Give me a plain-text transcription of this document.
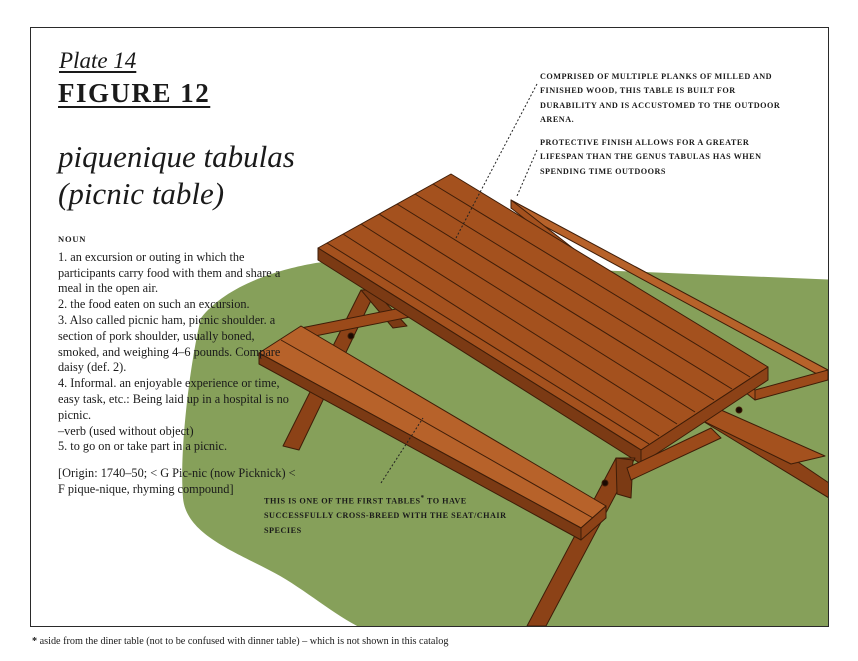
Plate 14
FIGURE 12
piquenique tabulas
(picnic table)
NOUN

1. an excursion or outing in which the participants carry food with them and share a meal in the open air.

2. the food eaten on such an excursion.

3. Also called picnic ham, picnic shoulder. a section of pork shoulder, usually boned, smoked, and weighing 4–6 pounds. Compare daisy (def. 2).

4. Informal. an enjoyable experience or time, easy task, etc.: Being laid up in a hospital is no picnic.

–verb (used without object)

5. to go on or take part in a picnic.

[Origin: 1740–50; < G Pic-nic (now Picknick) < F pique-nique, rhyming compound]

COMPRISED OF MULTIPLE PLANKS OF MILLED AND FINISHED WOOD, THIS TABLE IS BUILT FOR DURABILITY AND IS ACCUSTOMED TO THE OUTDOOR ARENA.

PROTECTIVE FINISH ALLOWS FOR A GREATER LIFESPAN THAN THE GENUS TABULAS HAS WHEN SPENDING TIME OUTDOORS

THIS IS ONE OF THE FIRST TABLES* TO HAVE SUCCESSFULLY CROSS-BREED WITH THE SEAT/CHAIR SPECIES

* aside from the diner table (not to be confused with dinner table) – which is not shown in this catalog
